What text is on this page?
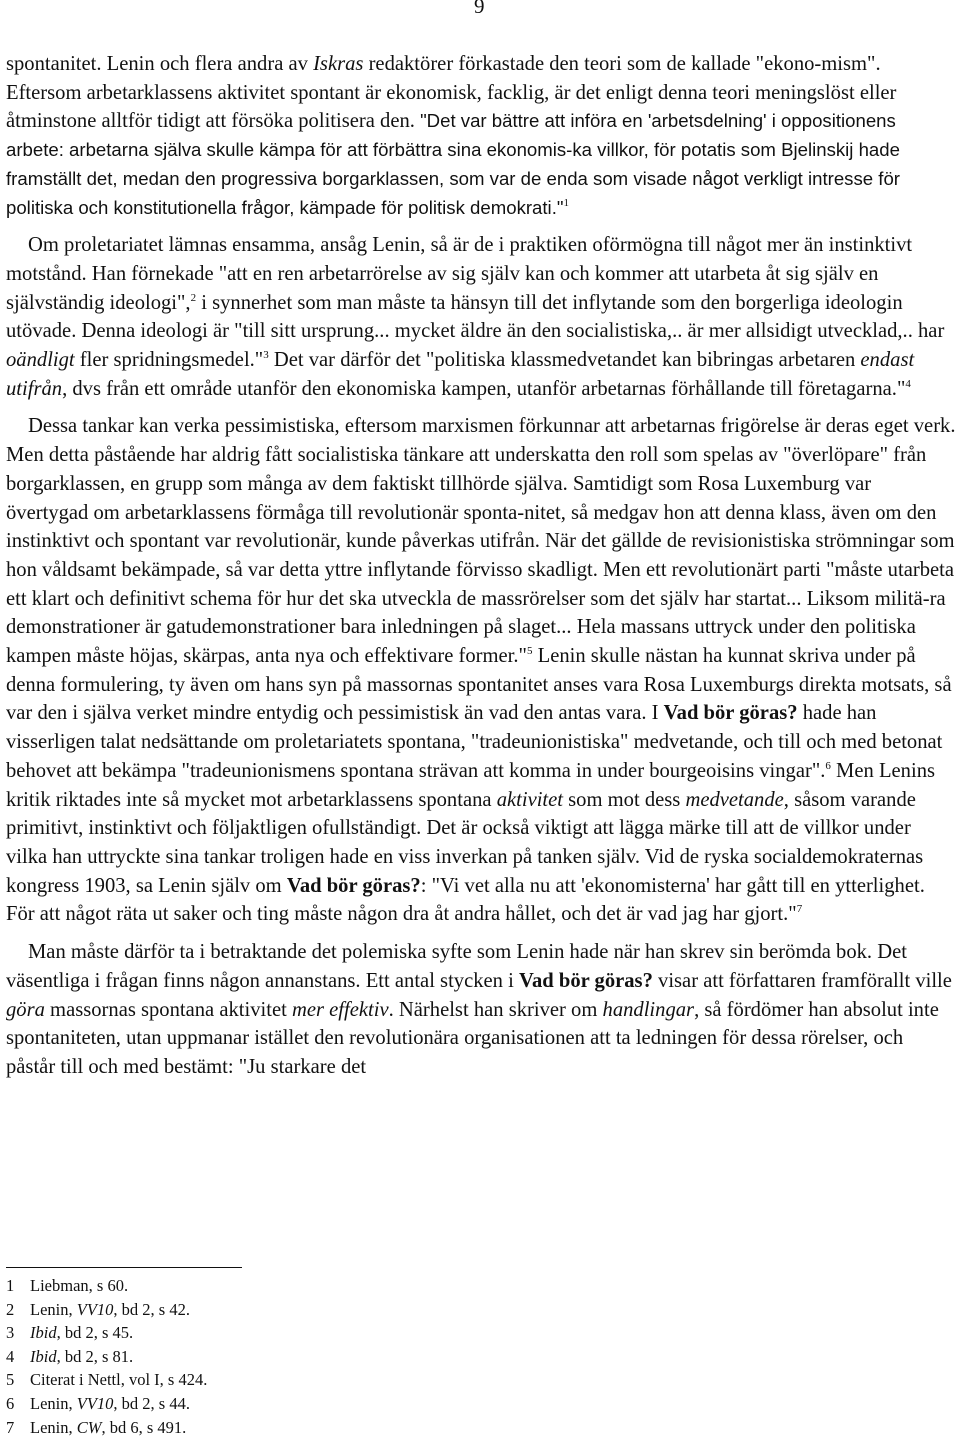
9

spontanitet. Lenin och flera andra av Iskras redaktörer förkastade den teori som de kallade "ekono-mism". Eftersom arbetarklassens aktivitet spontant är ekonomisk, facklig, är det enligt denna teori meningslöst eller åtminstone alltför tidigt att försöka politisera den. "Det var bättre att införa en 'arbetsdelning' i oppositionens arbete: arbetarna själva skulle kämpa för att förbättra sina ekonomis-ka villkor, för potatis som Bjelinskij hade framställt det, medan den progressiva borgarklassen, som var de enda som visade något verkligt intresse för politiska och konstitutionella frågor, kämpade för politisk demokrati."$^1$

Om proletariatet lämnas ensamma, ansåg Lenin, så är de i praktiken oförmögna till något mer än instinktivt motstånd. Han förnekade "att en ren arbetarrörelse av sig själv kan och kommer att utarbeta åt sig själv en självständig ideologi",$^2$ i synnerhet som man måste ta hänsyn till det inflytande som den borgerliga ideologin utövade. Denna ideologi är "till sitt ursprung... mycket äldre än den socialistiska,.. är mer allsidigt utvecklad,.. har oändligt fler spridningsmedel."$^3$ Det var därför det "politiska klassmedvetandet kan bibringas arbetaren endast utifrån, dvs från ett område utanför den ekonomiska kampen, utanför arbetarnas förhållande till företagarna."$^4$

Dessa tankar kan verka pessimistiska, eftersom marxismen förkunnar att arbetarnas frigörelse är deras eget verk. Men detta påstående har aldrig fått socialistiska tänkare att underskatta den roll som spelas av "överlöpare" från borgarklassen, en grupp som många av dem faktiskt tillhörde själva. Samtidigt som Rosa Luxemburg var övertygad om arbetarklassens förmåga till revolutionär sponta-nitet, så medgav hon att denna klass, även om den instinktivt och spontant var revolutionär, kunde påverkas utifrån. När det gällde de revisionistiska strömningar som hon våldsamt bekämpade, så var detta yttre inflytande förvisso skadligt. Men ett revolutionärt parti "måste utarbeta ett klart och definitivt schema för hur det ska utveckla de massrörelser som det själv har startat... Liksom militä-ra demonstrationer är gatudemonstrationer bara inledningen på slaget... Hela massans uttryck under den politiska kampen måste höjas, skärpas, anta nya och effektivare former."$^5$ Lenin skulle nästan ha kunnat skriva under på denna formulering, ty även om hans syn på massornas spontanitet anses vara Rosa Luxemburgs direkta motsats, så var den i själva verket mindre entydig och pessimistisk än vad den antas vara. I Vad bör göras? hade han visserligen talat nedsättande om proletariatets spontana, "tradeunionistiska" medvetande, och till och med betonat behovet att bekämpa "tradeunionismens spontana strävan att komma in under bourgeoisins vingar".$^6$ Men Lenins kritik riktades inte så mycket mot arbetarklassens spontana aktivitet som mot dess medvetande, såsom varande primitivt, instinktivt och följaktligen ofullständigt. Det är också viktigt att lägga märke till att de villkor under vilka han uttryckte sina tankar troligen hade en viss inverkan på tanken själv. Vid de ryska socialdemokraternas kongress 1903, sa Lenin själv om Vad bör göras?: "Vi vet alla nu att 'ekonomisterna' har gått till en ytterlighet. För att något räta ut saker och ting måste någon dra åt andra hållet, och det är vad jag har gjort."$^7$

Man måste därför ta i betraktande det polemiska syfte som Lenin hade när han skrev sin berömda bok. Det väsentliga i frågan finns någon annanstans. Ett antal stycken i Vad bör göras? visar att författaren framförallt ville göra massornas spontana aktivitet mer effektiv. Närhelst han skriver om handlingar, så fördömer han absolut inte spontaniteten, utan uppmanar istället den revolutionära organisationen att ta ledningen för dessa rörelser, och påstår till och med bestämt: "Ju starkare det

1 Liebman, s 60.
2 Lenin, VV10, bd 2, s 42.
3 Ibid, bd 2, s 45.
4 Ibid, bd 2, s 81.
5 Citerat i Nettl, vol I, s 424.
6 Lenin, VV10, bd 2, s 44.
7 Lenin, CW, bd 6, s 491.
